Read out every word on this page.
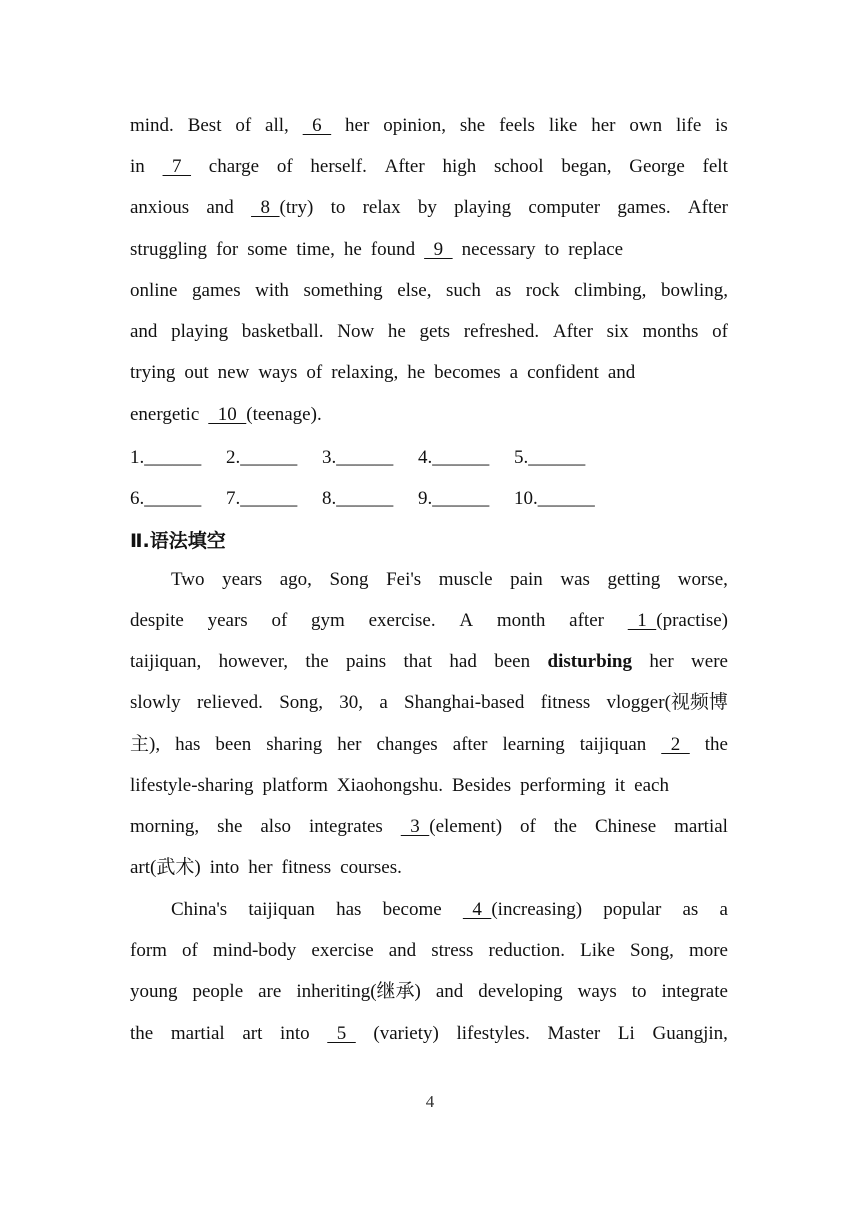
mind. Best of all, 6 her opinion, she feels like her own life is
in 7 charge of herself. After high school began, George felt
anxious and 8  (try) to relax by playing computer games. After
struggling for some time, he found 9 necessary to replace
online games with something else, such as rock climbing, bowling,
and playing basketball. Now he gets refreshed. After six months of
trying out new ways of relaxing, he becomes a confident and
energetic 10  (teenage).
1.______ 2.______ 3.______ 4.______ 5.______
6.______ 7.______ 8.______ 9.______ 10.______
Ⅱ.语法填空
Two years ago, Song Fei's muscle pain was getting worse,
despite years of gym exercise. A month after 1  (practise)
taijiquan, however, the pains that had been disturbing her were
slowly relieved. Song, 30, a Shanghai-based fitness vlogger(视频博
主), has been sharing her changes after learning taijiquan 2 the
lifestyle-sharing platform Xiaohongshu. Besides performing it each
morning, she also integrates 3  (element) of the Chinese martial
art(武术) into her fitness courses.
China's taijiquan has become 4  (increasing) popular as a
form of mind-body exercise and stress reduction. Like Song, more
young people are inheriting(继承) and developing ways to integrate
the martial art into 5 (variety) lifestyles. Master Li Guangjin,
4
